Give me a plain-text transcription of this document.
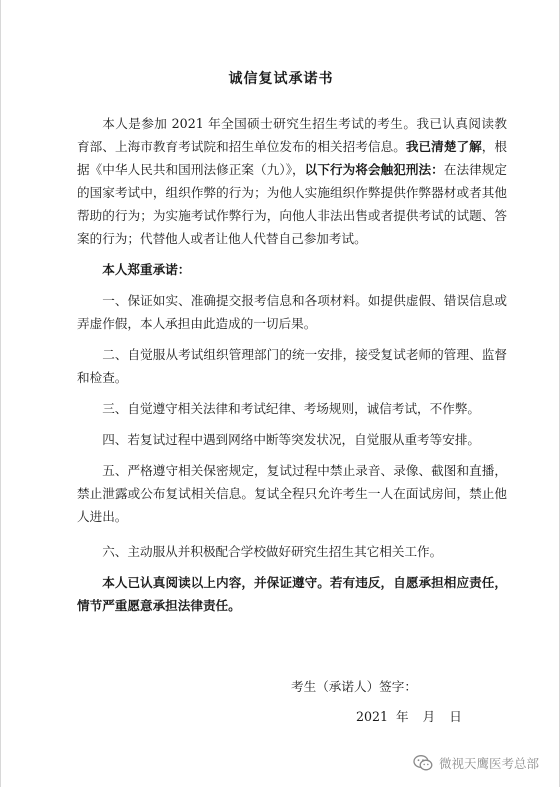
诚信复试承诺书

本人是参加 2021 年全国硕士研究生招生考试的考生。我已认真阅读教育部、上海市教育考试院和招生单位发布的相关招考信息。我已清楚了解，根据《中华人民共和国刑法修正案（九）》，以下行为将会触犯刑法：在法律规定的国家考试中，组织作弊的行为；为他人实施组织作弊提供作弊器材或者其他帮助的行为；为实施考试作弊行为，向他人非法出售或者提供考试的试题、答案的行为；代替他人或者让他人代替自己参加考试。

本人郑重承诺：

一、保证如实、准确提交报考信息和各项材料。如提供虚假、错误信息或弄虚作假，本人承担由此造成的一切后果。

二、自觉服从考试组织管理部门的统一安排，接受复试老师的管理、监督和检查。

三、自觉遵守相关法律和考试纪律、考场规则，诚信考试，不作弊。

四、若复试过程中遇到网络中断等突发状况，自觉服从重考等安排。

五、严格遵守相关保密规定，复试过程中禁止录音、录像、截图和直播，禁止泄露或公布复试相关信息。复试全程只允许考生一人在面试房间，禁止他人进出。

六、主动服从并积极配合学校做好研究生招生其它相关工作。

本人已认真阅读以上内容，并保证遵守。若有违反，自愿承担相应责任，情节严重愿意承担法律责任。

考生（承诺人）签字：
2021 年 月 日
微视天鹰医考总部
